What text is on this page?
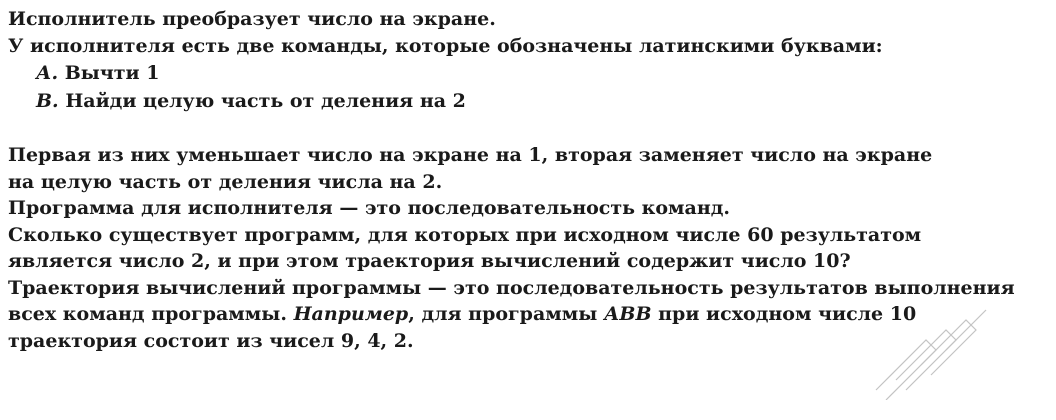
Исполнитель преобразует число на экране.
У исполнителя есть две команды, которые обозначены латинскими буквами:
А. Вычти 1
В. Найди целую часть от деления на 2
Первая из них уменьшает число на экране на 1, вторая заменяет число на экране
на целую часть от деления числа на 2.
Программа для исполнителя — это последовательность команд.
Сколько существует программ, для которых при исходном числе 60 результатом
является число 2, и при этом траектория вычислений содержит число 10?
Траектория вычислений программы — это последовательность результатов выполнения
всех команд программы. Например, для программы АВВ при исходном числе 10
траектория состоит из чисел 9, 4, 2.
